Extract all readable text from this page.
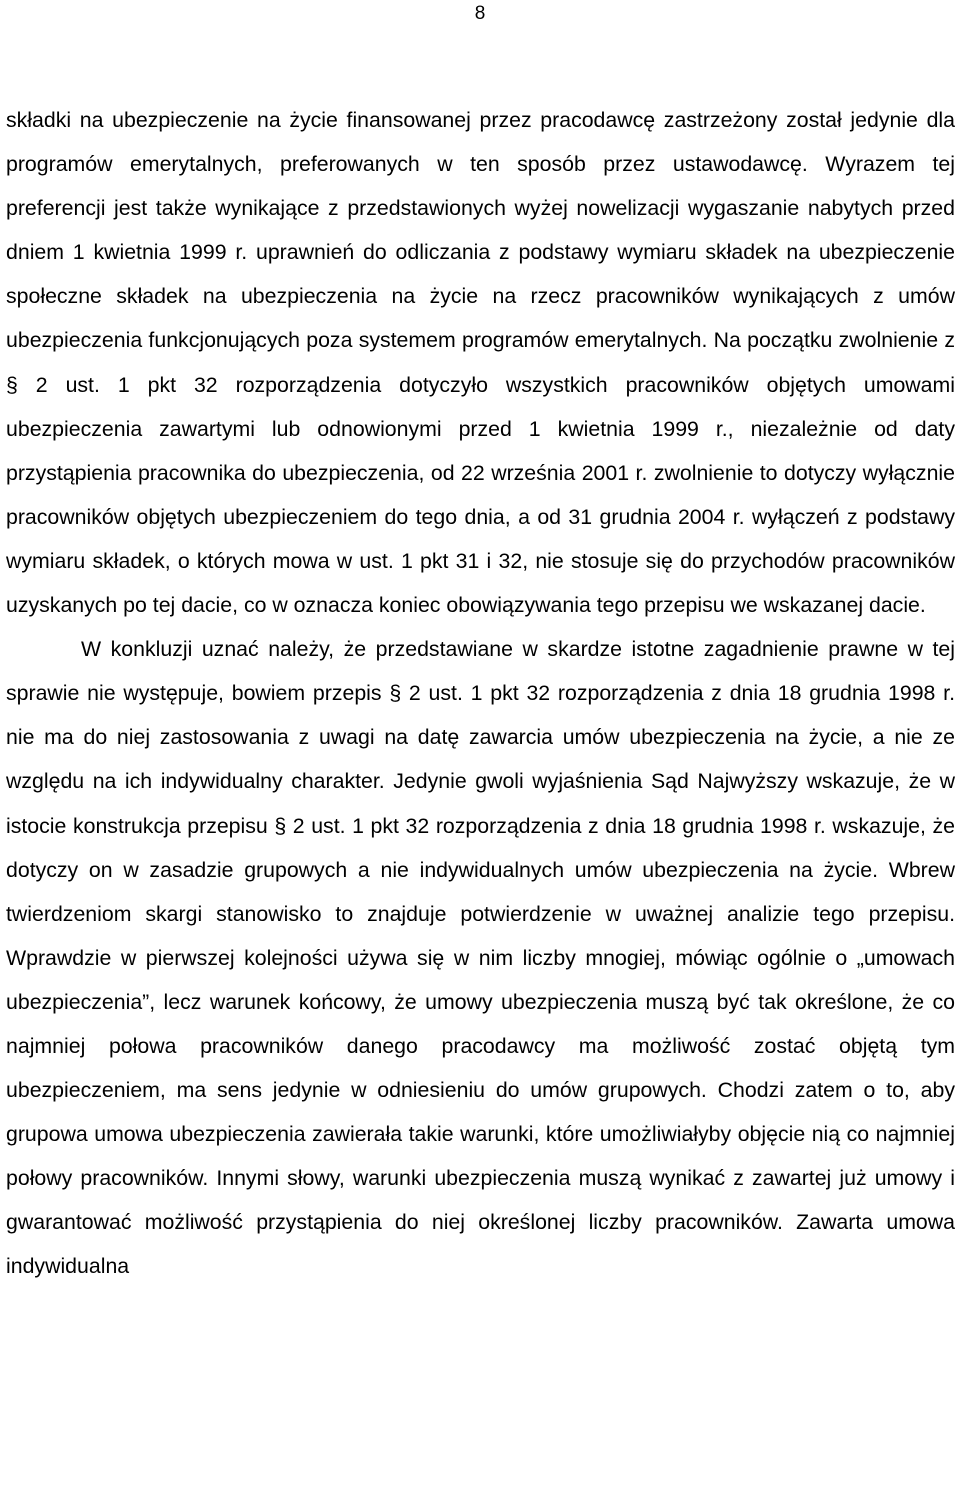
8

składki na ubezpieczenie na życie finansowanej przez pracodawcę zastrzeżony został jedynie dla programów emerytalnych, preferowanych w ten sposób przez ustawodawcę. Wyrazem tej preferencji jest także wynikające z przedstawionych wyżej nowelizacji wygaszanie nabytych przed dniem 1 kwietnia 1999 r. uprawnień do odliczania z podstawy wymiaru składek na ubezpieczenie społeczne składek na ubezpieczenia na życie na rzecz pracowników wynikających z umów ubezpieczenia funkcjonujących poza systemem programów emerytalnych. Na początku zwolnienie z § 2 ust. 1 pkt 32 rozporządzenia dotyczyło wszystkich pracowników objętych umowami ubezpieczenia zawartymi lub odnowionymi przed 1 kwietnia 1999 r., niezależnie od daty przystąpienia pracownika do ubezpieczenia, od 22 września 2001 r. zwolnienie to dotyczy wyłącznie pracowników objętych ubezpieczeniem do tego dnia, a od 31 grudnia 2004 r. wyłączeń z podstawy wymiaru składek, o których mowa w ust. 1 pkt 31 i 32, nie stosuje się do przychodów pracowników uzyskanych po tej dacie, co w oznacza koniec obowiązywania tego przepisu we wskazanej dacie.

W konkluzji uznać należy, że przedstawiane w skardze istotne zagadnienie prawne w tej sprawie nie występuje, bowiem przepis § 2 ust. 1 pkt 32 rozporządzenia z dnia 18 grudnia 1998 r. nie ma do niej zastosowania z uwagi na datę zawarcia umów ubezpieczenia na życie, a nie ze względu na ich indywidualny charakter. Jedynie gwoli wyjaśnienia Sąd Najwyższy wskazuje, że w istocie konstrukcja przepisu § 2 ust. 1 pkt 32 rozporządzenia z dnia 18 grudnia 1998 r. wskazuje, że dotyczy on w zasadzie grupowych a nie indywidualnych umów ubezpieczenia na życie. Wbrew twierdzeniom skargi stanowisko to znajduje potwierdzenie w uważnej analizie tego przepisu. Wprawdzie w pierwszej kolejności używa się w nim liczby mnogiej, mówiąc ogólnie o „umowach ubezpieczenia”, lecz warunek końcowy, że umowy ubezpieczenia muszą być tak określone, że co najmniej połowa pracowników danego pracodawcy ma możliwość zostać objętą tym ubezpieczeniem, ma sens jedynie w odniesieniu do umów grupowych. Chodzi zatem o to, aby grupowa umowa ubezpieczenia zawierała takie warunki, które umożliwiałyby objęcie nią co najmniej połowy pracowników. Innymi słowy, warunki ubezpieczenia muszą wynikać z zawartej już umowy i gwarantować możliwość przystąpienia do niej określonej liczby pracowników. Zawarta umowa indywidualna
